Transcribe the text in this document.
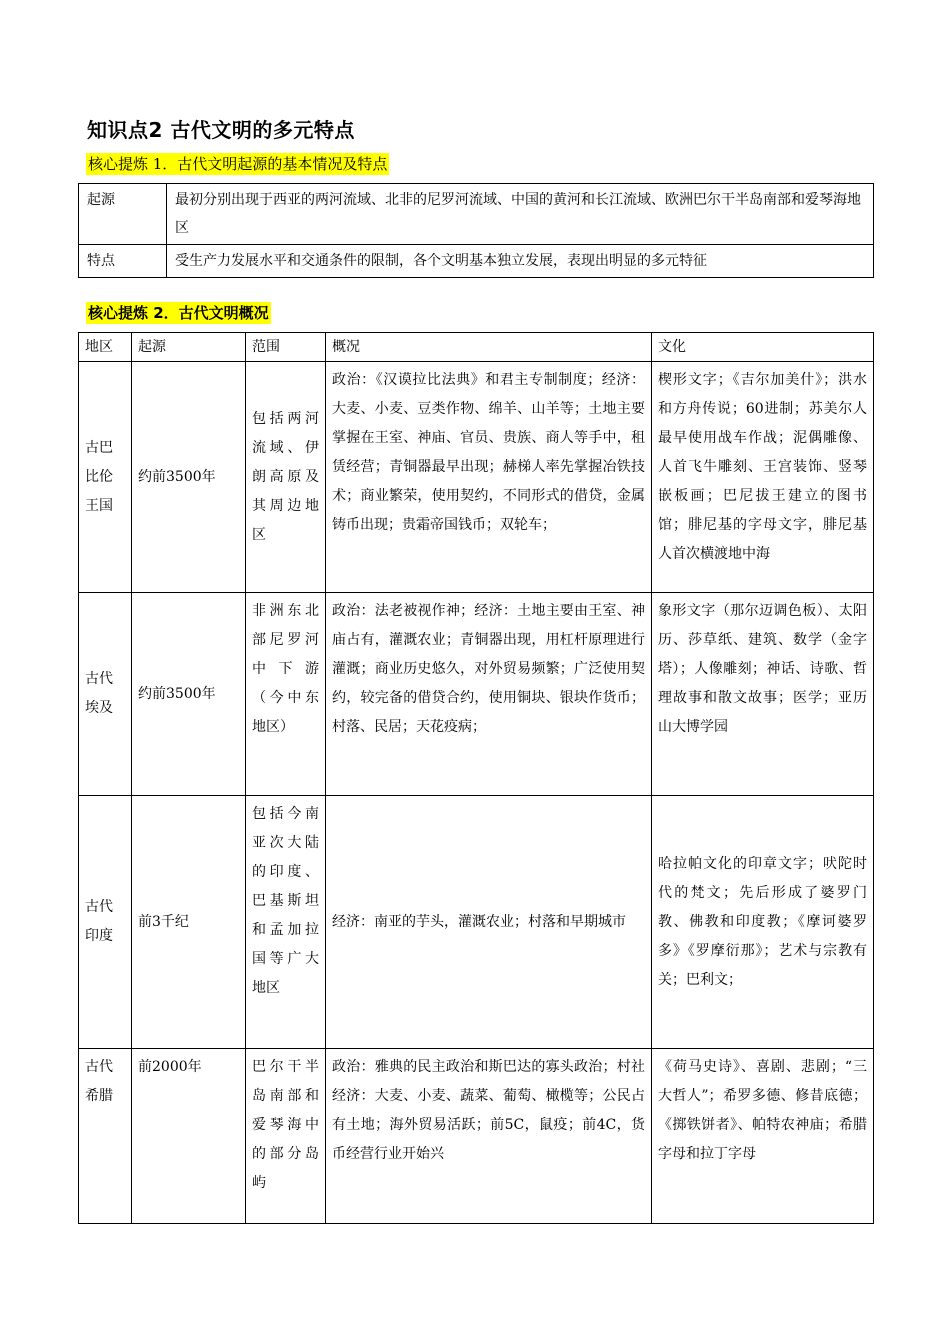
知识点2 古代文明的多元特点
核心提炼 1．古代文明起源的基本情况及特点
起源	最初分别出现于西亚的两河流域、北非的尼罗河流域、中国的黄河和长江流域、欧洲巴尔干半岛南部和爱琴海地区
特点	受生产力发展水平和交通条件的限制，各个文明基本独立发展，表现出明显的多元特征
核心提炼 2．古代文明概况
地区	起源	范围	概况	文化
古巴比伦王国	约前3500年	包括两河流域、伊朗高原及其周边地区	政治：《汉谟拉比法典》和君主专制制度；经济：大麦、小麦、豆类作物、绵羊、山羊等；土地主要掌握在王室、神庙、官员、贵族、商人等手中，租赁经营；青铜器最早出现；赫梯人率先掌握冶铁技术；商业繁荣，使用契约，不同形式的借贷，金属铸币出现；贵霜帝国钱币；双轮车；	楔形文字；《吉尔加美什》；洪水和方舟传说；60进制；苏美尔人最早使用战车作战；泥偶雕像、人首飞牛雕刻、王宫装饰、竖琴嵌板画；巴尼拔王建立的图书馆；腓尼基的字母文字，腓尼基人首次横渡地中海
古代埃及	约前3500年	非洲东北部尼罗河中下游（今中东地区）	政治：法老被视作神；经济：土地主要由王室、神庙占有，灌溉农业；青铜器出现，用杠杆原理进行灌溉；商业历史悠久，对外贸易频繁；广泛使用契约，较完备的借贷合约，使用铜块、银块作货币；村落、民居；天花疫病；	象形文字（那尔迈调色板）、太阳历、莎草纸、建筑、数学（金字塔）；人像雕刻；神话、诗歌、哲理故事和散文故事；医学；亚历山大博学园
古代印度	前3千纪	包括今南亚次大陆的印度、巴基斯坦和孟加拉国等广大地区	经济：南亚的芋头，灌溉农业；村落和早期城市	哈拉帕文化的印章文字；吠陀时代的梵文；先后形成了婆罗门教、佛教和印度教；《摩诃婆罗多》《罗摩衍那》；艺术与宗教有关；巴利文；
古代希腊	前2000年	巴尔干半岛南部和爱琴海中的部分岛屿	政治：雅典的民主政治和斯巴达的寡头政治；村社经济：大麦、小麦、蔬菜、葡萄、橄榄等；公民占有土地；海外贸易活跃；前5C，鼠疫；前4C，货币经营行业开始兴	《荷马史诗》、喜剧、悲剧；“三大哲人”；希罗多德、修昔底德；《掷铁饼者》、帕特农神庙；希腊字母和拉丁字母
